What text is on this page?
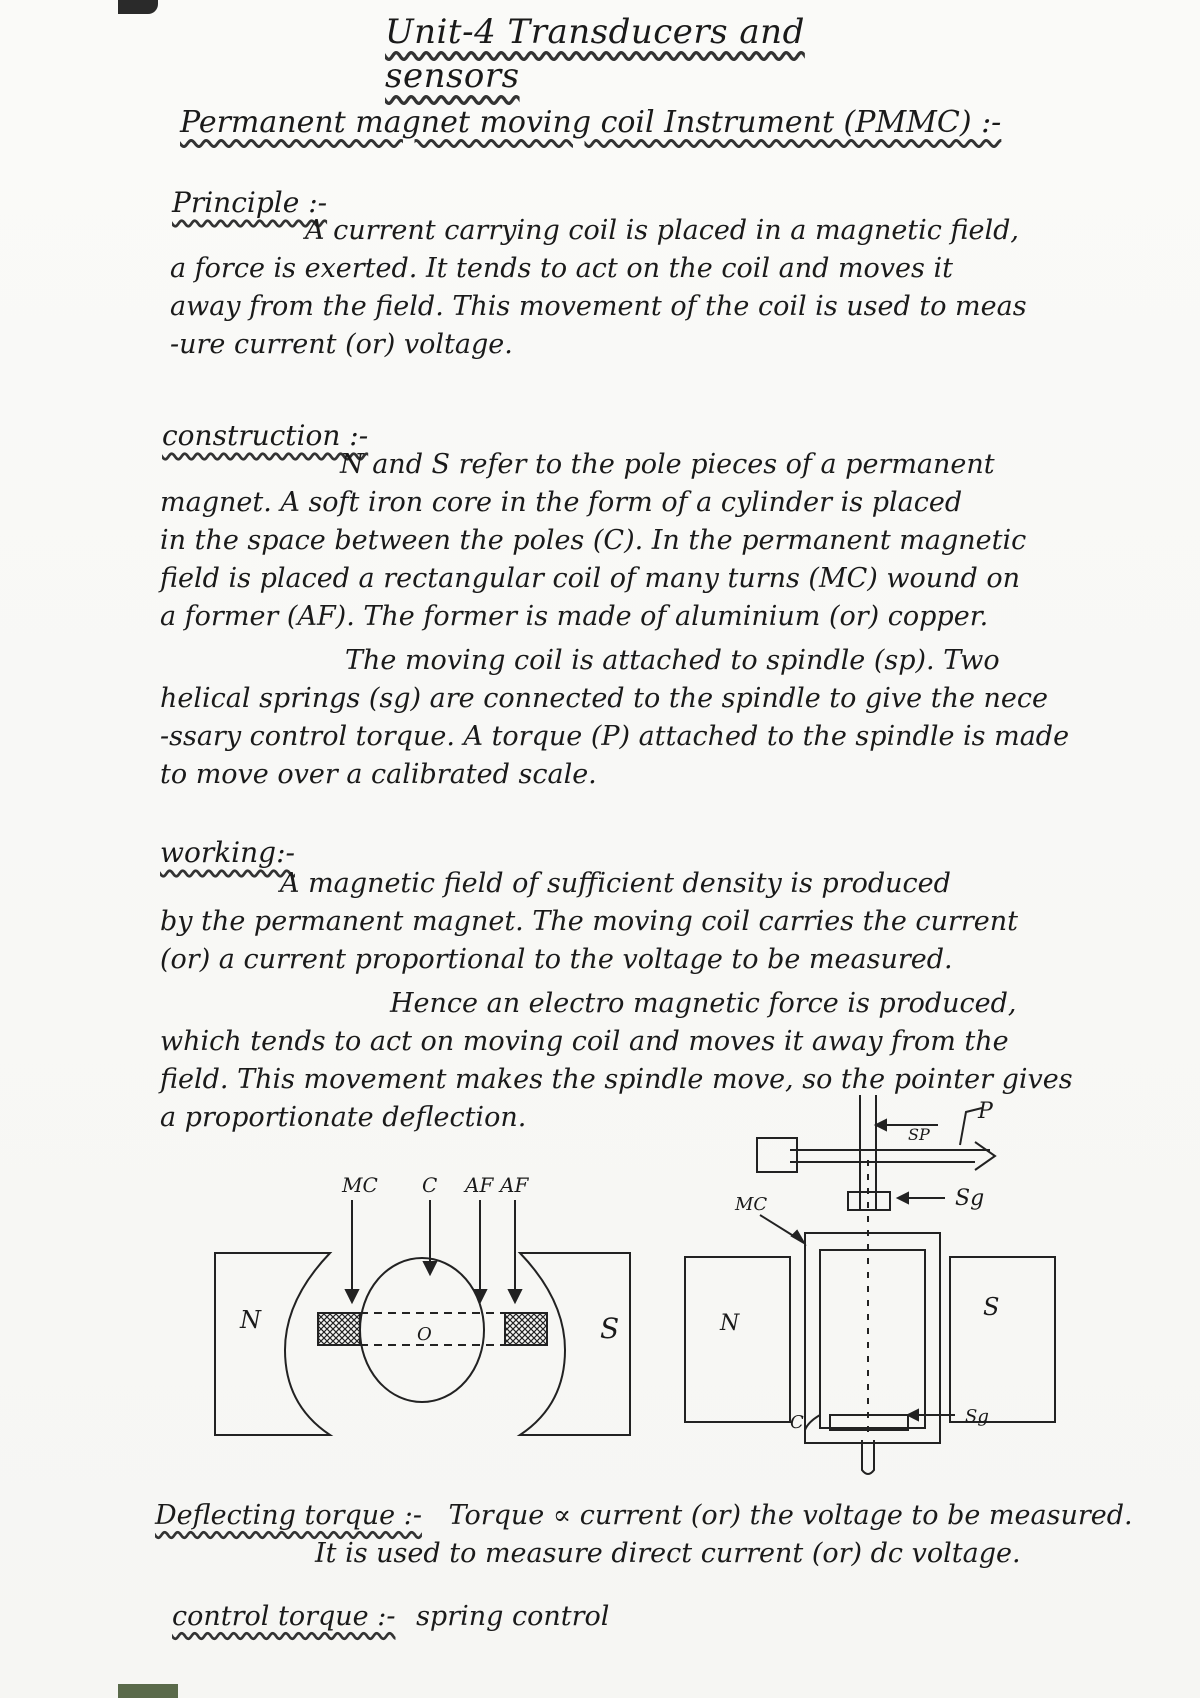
Unit-4 Transducers and sensors
Permanent magnet moving coil Instrument (PMMC) :-
Principle :-
A current carrying coil is placed in a magnetic field,
a force is exerted. It tends to act on the coil and moves it
away from the field. This movement of the coil is used to meas
-ure current (or) voltage.
construction :-
N and S refer to the pole pieces of a permanent
magnet. A soft iron core in the form of a cylinder is placed
in the space between the poles (C). In the permanent magnetic
field is placed a rectangular coil of many turns (MC) wound on
a former (AF). The former is made of aluminium (or) copper.
The moving coil is attached to spindle (sp). Two
helical springs (sg) are connected to the spindle to give the nece
-ssary control torque. A torque (P) attached to the spindle is made
to move over a calibrated scale.
working:-
A magnetic field of sufficient density is produced
by the permanent magnet. The moving coil carries the current
(or) a current proportional to the voltage to be measured.
Hence an electro magnetic force is produced,
which tends to act on moving coil and moves it away from the
field. This movement makes the spindle move, so the pointer gives
a proportionate deflection.
MC C AF AF
N	S
O
SP
P
MC	Sg
Sg
N
S
C
Deflecting torque :- Torque ∝ current (or) the voltage to be measured.
It is used to measure direct current (or) dc voltage.
control torque :- spring control
